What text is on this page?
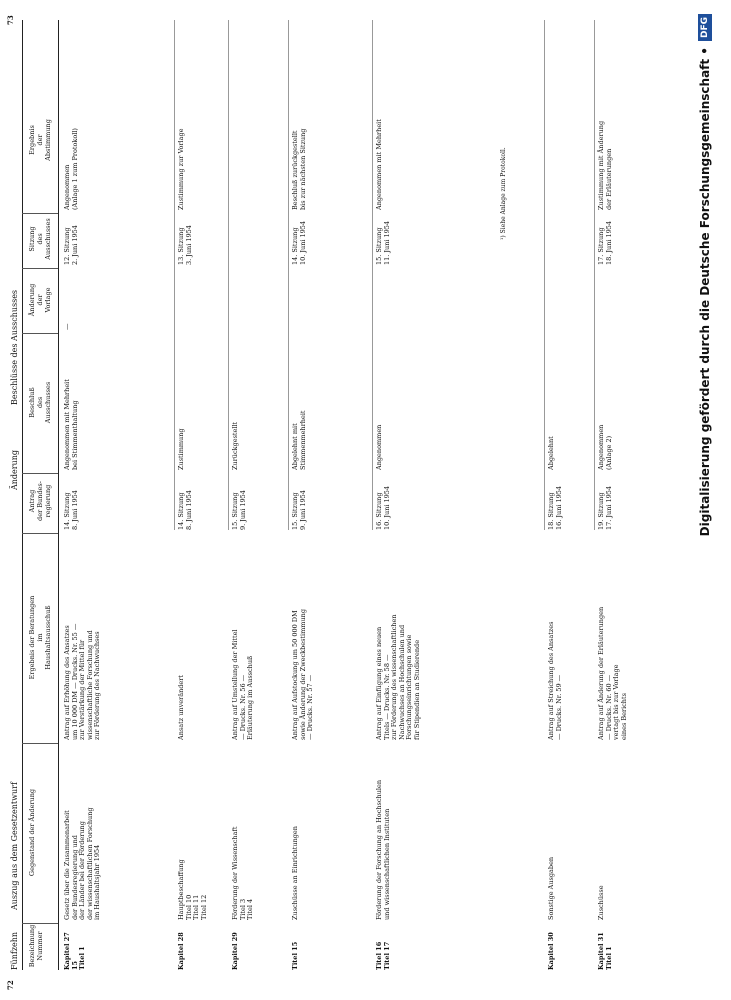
72
73
Fünfzehn
Auszug aus dem Gesetzentwurf
Änderung
Beschlüsse des Ausschusses
Bezeichnung
Nummer
Gegenstand der Änderung
Ergebnis der Beratungen
im
Haushaltsausschuß
Antrag
der Bundes-
regierung
Beschluß
des
Ausschusses
Änderung
der
Vorlage
Sitzung
des
Ausschusses
Ergebnis
der
Abstimmung
Kapitel 27 15
Titel 1
Gesetz über die Zusammenarbeit
der Bundesregierung und
der Länder bei der Förderung
der wissenschaftlichen Forschung
im Haushaltsjahr 1954
Antrag auf Erhöhung des Ansatzes
um 10 000 DM — Drucks. Nr. 55 —
zur Verstärkung der Mittel für
wissenschaftliche Forschung und
zur Förderung des Nachwuchses
14. Sitzung
8. Juni 1954
Angenommen mit Mehrheit
bei Stimmenthaltung
—
12. Sitzung
2. Juni 1954
Angenommen
(Anlage 1 zum Protokoll)
Kapitel 28
Hauptbeschaffung
Titel 10
Titel 11
Titel 12
Ansatz unverändert
14. Sitzung
8. Juni 1954
Zustimmung
13. Sitzung
3. Juni 1954
Zustimmung zur Vorlage
Kapitel 29
Förderung der Wissenschaft
Titel 3
Titel 4
Antrag auf Umstellung der Mittel
— Drucks. Nr. 56 —
Erläuterung im Ausschuß
15. Sitzung
9. Juni 1954
Zurückgestellt
Titel 15
Zuschüsse an Einrichtungen
Antrag auf Aufstockung um 50 000 DM
sowie Änderung der Zweckbestimmung
— Drucks. Nr. 57 —
15. Sitzung
9. Juni 1954
Abgelehnt mit
Stimmenmehrheit
14. Sitzung
10. Juni 1954
Beschluß zurückgestellt
bis zur nächsten Sitzung
Titel 16
Titel 17
Förderung der Forschung an Hochschulen
und wissenschaftlichen Instituten
Antrag auf Einfügung eines neuen
Titels — Drucks. Nr. 58 —
zur Förderung des wissenschaftlichen
Nachwuchses an Hochschulen und
Forschungseinrichtungen sowie
für Stipendien an Studierende
16. Sitzung
10. Juni 1954
Angenommen
15. Sitzung
11. Juni 1954
Angenommen mit Mehrheit
Kapitel 30
Sonstige Ausgaben
Antrag auf Streichung des Ansatzes
— Drucks. Nr. 59 —
18. Sitzung
16. Juni 1954
Abgelehnt
Kapitel 31
Titel 1
Zuschüsse
Antrag auf Änderung der Erläuterungen
— Drucks. Nr. 60 —
vertagt bis zur Vorlage
eines Berichts
19. Sitzung
17. Juni 1954
Angenommen
(Anlage 2)
17. Sitzung
18. Juni 1954
Zustimmung mit Änderung
der Erläuterungen
¹) Siehe Anlage zum Protokoll.	Digitalisierung gefördert durch die Deutsche Forschungsgemeinschaft •
DFG
